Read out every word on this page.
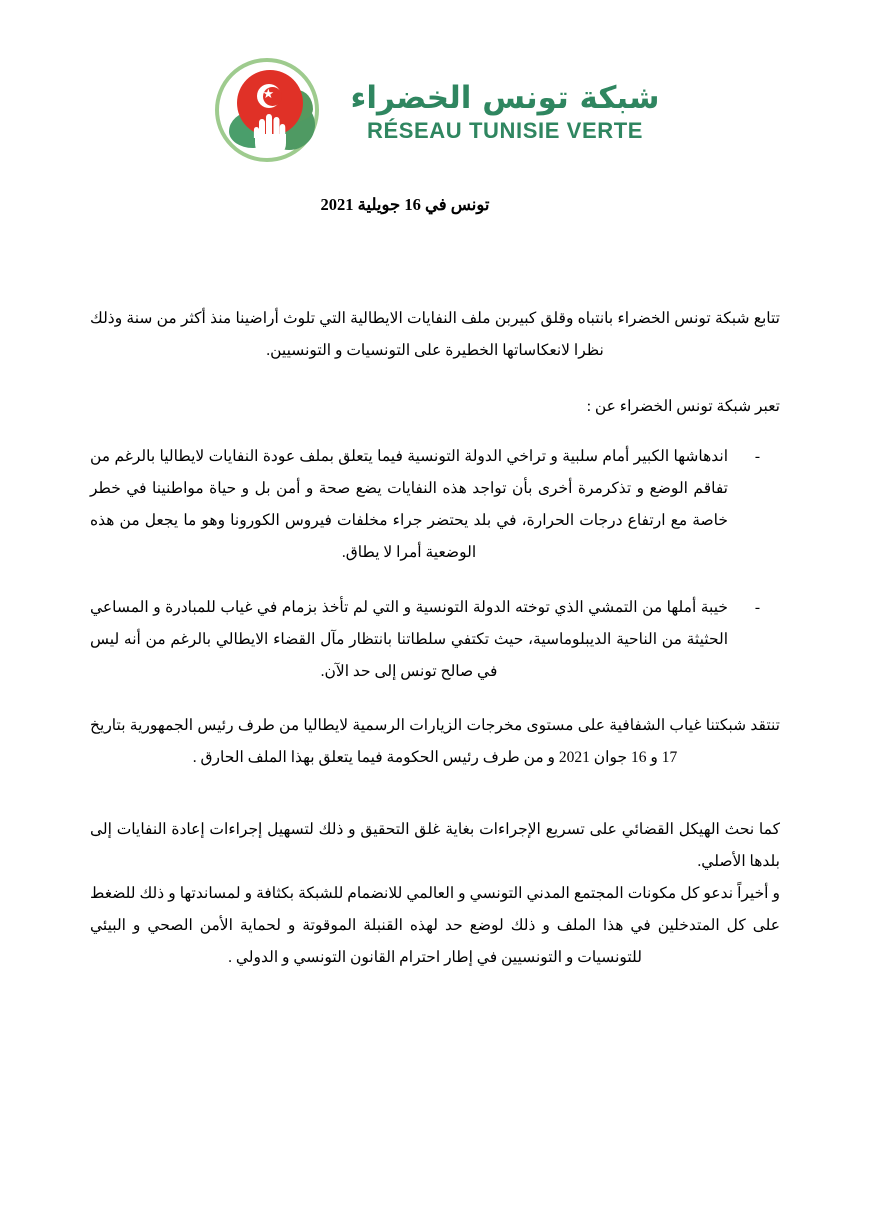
شبكة تونس الخضراء
RÉSEAU TUNISIE VERTE
تونس في 16 جويلية 2021

تتابع شبكة تونس الخضراء بانتباه وقلق كبيربن ملف النفايات الايطالية التي تلوث أراضينا منذ أكثر من سنة وذلك نظرا لانعكاساتها الخطيرة على التونسيات و التونسيين.

تعبر شبكة تونس الخضراء عن :

-
اندهاشها الكبير أمام سلبية و تراخي الدولة التونسية فيما يتعلق بملف عودة النفايات لايطاليا بالرغم من تفاقم الوضع و تذكرمرة أخرى بأن تواجد هذه النفايات يضع صحة و أمن بل و حياة مواطنينا في خطر خاصة مع ارتفاع درجات الحرارة، في بلد يحتضر جراء مخلفات فيروس الكورونا وهو ما يجعل من هذه الوضعية أمرا لا يطاق.
-
خيبة أملها من التمشي الذي توخته الدولة التونسية و التي لم تأخذ بزمام في غياب للمبادرة و المساعي الحثيثة من الناحية الديبلوماسية، حيث تكتفي سلطاتنا بانتظار مآل القضاء الايطالي بالرغم من أنه ليس في صالح تونس إلى حد الآن.

تنتقد شبكتنا غياب الشفافية على مستوى مخرجات الزيارات الرسمية لايطاليا من طرف رئيس الجمهورية بتاريخ 17 و 16 جوان 2021 و من طرف رئيس الحكومة فيما يتعلق بهذا الملف الحارق .

كما نحث الهيكل القضائي على تسريع الإجراءات بغاية غلق التحقيق و ذلك لتسهيل إجراءات إعادة النفايات إلى بلدها الأصلي.

و أخيراً ندعو كل مكونات المجتمع المدني التونسي و العالمي للانضمام للشبكة بكثافة و لمساندتها و ذلك للضغط على كل المتدخلين في هذا الملف و ذلك لوضع حد لهذه القنبلة الموقوتة و لحماية الأمن الصحي و البيئي للتونسيات و التونسيين في إطار احترام القانون التونسي و الدولي .
